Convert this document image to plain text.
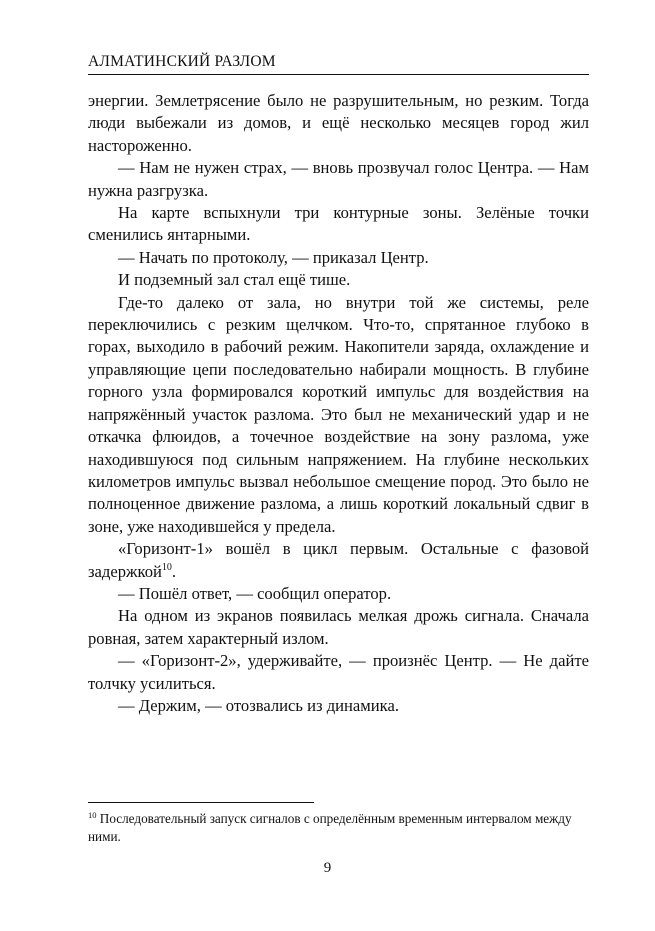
АЛМАТИНСКИЙ РАЗЛОМ

энергии. Землетрясение было не разрушительным, но резким. Тогда люди выбежали из домов, и ещё несколько месяцев город жил настороженно.

— Нам не нужен страх, — вновь прозвучал голос Центра. — Нам нужна разгрузка.

На карте вспыхнули три контурные зоны. Зелёные точки сменились янтарными.

— Начать по протоколу, — приказал Центр.

И подземный зал стал ещё тише.

Где-то далеко от зала, но внутри той же системы, реле переключились с резким щелчком. Что-то, спрятанное глубоко в горах, выходило в рабочий режим. Накопители заряда, охлаждение и управляющие цепи последовательно набирали мощность. В глубине горного узла формировался короткий импульс для воздействия на напряжённый участок разлома. Это был не механический удар и не откачка флюидов, а точечное воздействие на зону разлома, уже находившуюся под сильным напряжением. На глубине нескольких километров импульс вызвал небольшое смещение пород. Это было не полноценное движение разлома, а лишь короткий локальный сдвиг в зоне, уже находившейся у предела.

«Горизонт-1» вошёл в цикл первым. Остальные с фазовой задержкой$^{10}$.

— Пошёл ответ, — сообщил оператор.

На одном из экранов появилась мелкая дрожь сигнала. Сначала ровная, затем характерный излом.

— «Горизонт-2», удерживайте, — произнёс Центр. — Не дайте толчку усилиться.

— Держим, — отозвались из динамика.

$^{10}$ Последовательный запуск сигналов с определённым временным интервалом между ними.
9
